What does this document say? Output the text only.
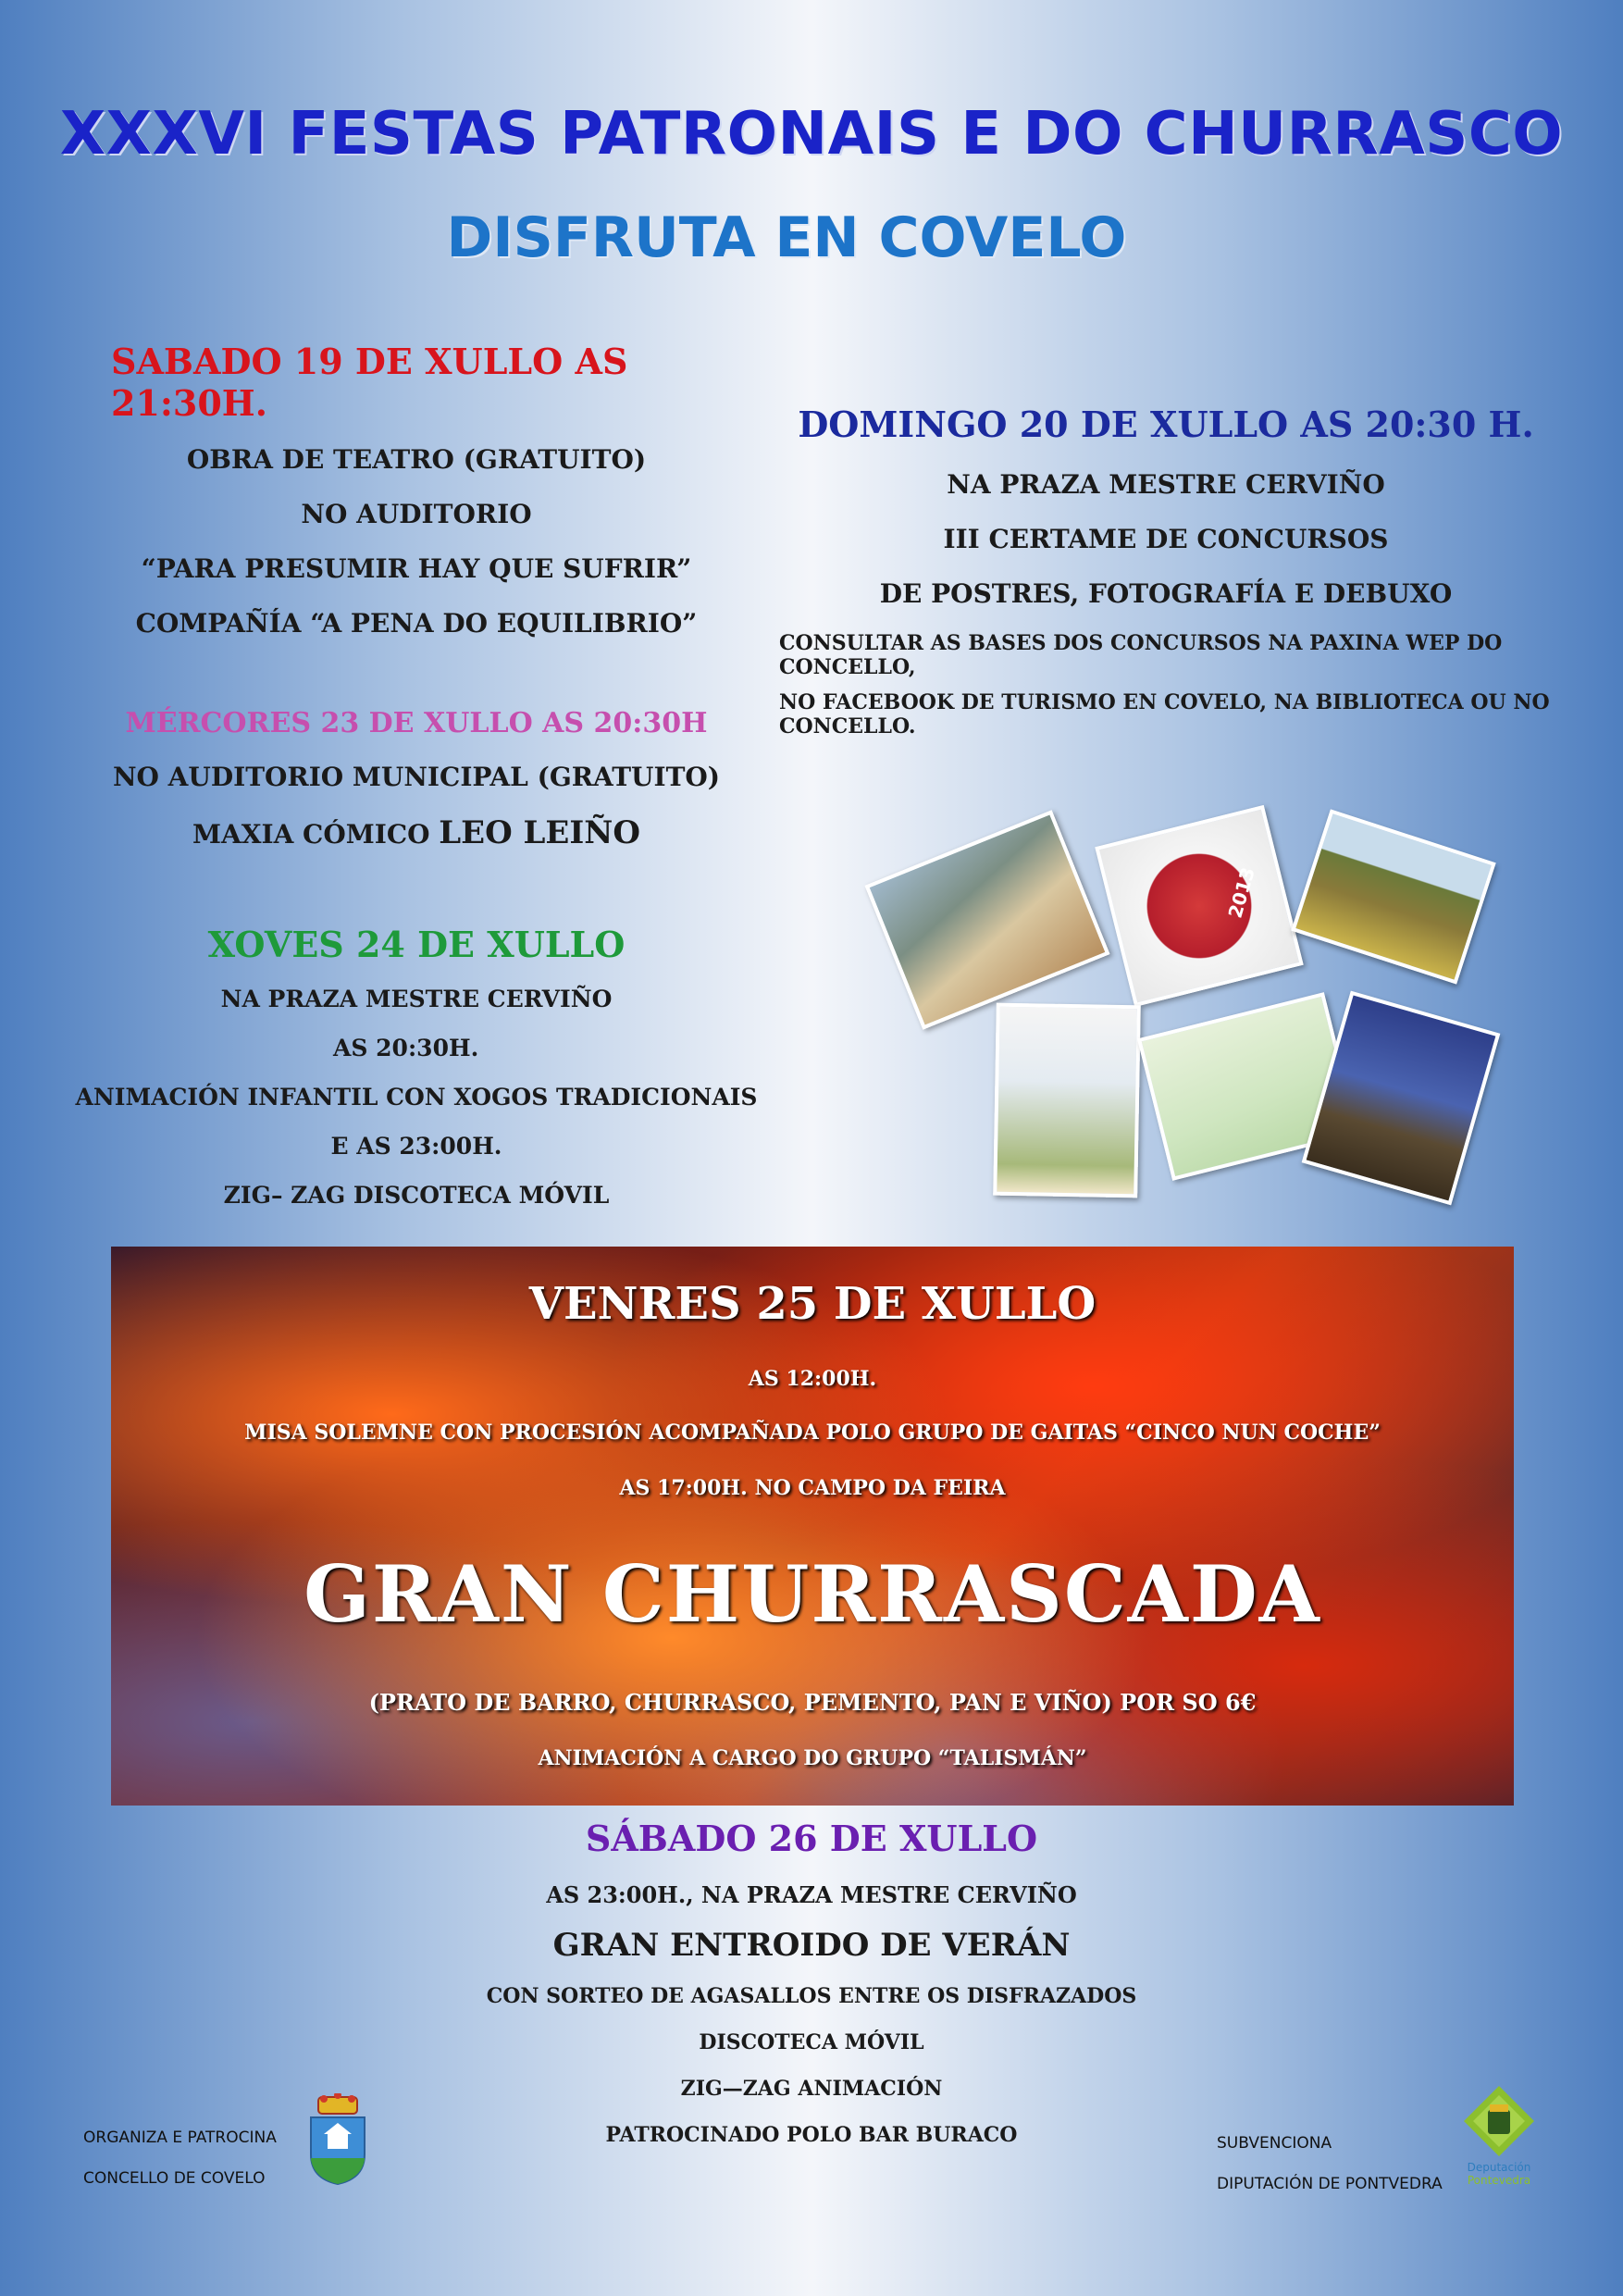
XXXVI FESTAS PATRONAIS E DO CHURRASCO
DISFRUTA EN COVELO
SABADO 19 DE XULLO AS 21:30H.
OBRA DE TEATRO (GRATUITO)
NO AUDITORIO
“PARA PRESUMIR HAY QUE SUFRIR”
COMPAÑÍA “A PENA DO EQUILIBRIO”
DOMINGO 20 DE XULLO AS 20:30 H.
NA PRAZA MESTRE CERVIÑO
III CERTAME DE CONCURSOS
DE POSTRES, FOTOGRAFÍA E DEBUXO
CONSULTAR AS BASES DOS CONCURSOS NA PAXINA WEP DO CONCELLO,
NO FACEBOOK DE TURISMO EN COVELO, NA BIBLIOTECA OU NO CONCELLO.
MÉRCORES 23 DE XULLO AS 20:30H
NO AUDITORIO MUNICIPAL (GRATUITO)
MAXIA CÓMICO LEO LEIÑO
XOVES 24 DE XULLO
NA PRAZA MESTRE CERVIÑO
AS 20:30H.
ANIMACIÓN INFANTIL CON XOGOS TRADICIONAIS
E AS 23:00H.
ZIG– ZAG DISCOTECA MÓVIL
2013
VENRES 25 DE XULLO
AS 12:00H.
MISA SOLEMNE CON PROCESIÓN ACOMPAÑADA POLO GRUPO DE GAITAS “CINCO NUN COCHE”
AS 17:00H. NO CAMPO DA FEIRA
GRAN CHURRASCADA
(PRATO DE BARRO, CHURRASCO, PEMENTO, PAN E VIÑO) POR SO 6€
ANIMACIÓN A CARGO DO GRUPO “TALISMÁN”
SÁBADO 26 DE XULLO
AS 23:00H., NA PRAZA MESTRE CERVIÑO
GRAN ENTROIDO DE VERÁN
CON SORTEO DE AGASALLOS ENTRE OS DISFRAZADOS
DISCOTECA MÓVIL
ZIG—ZAG ANIMACIÓN
PATROCINADO POLO BAR BURACO
ORGANIZA E PATROCINA
CONCELLO DE COVELO
SUBVENCIONA
DIPUTACIÓN DE PONTVEDRA
Deputación
Pontevedra
